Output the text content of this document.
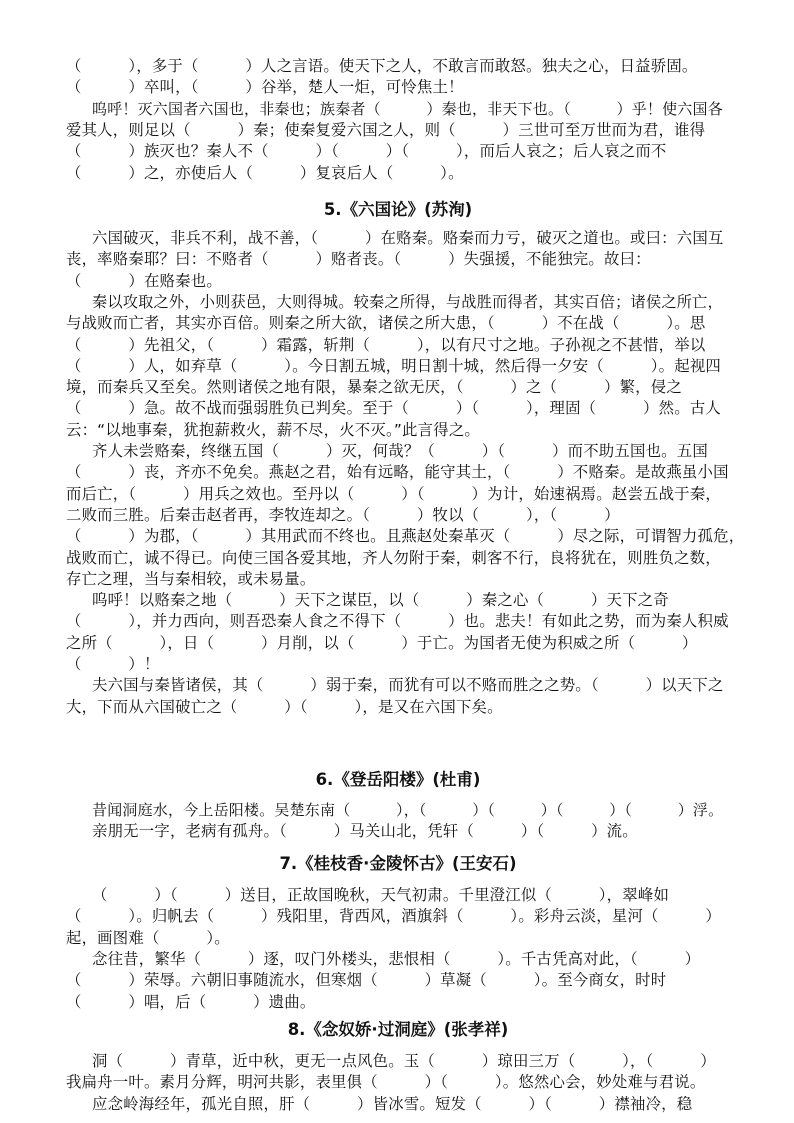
（　　　），多于（　　　）人之言语。使天下之人，不敢言而敢怒。独夫之心，日益骄固。
（　　　）卒叫，（　　　）谷举，楚人一炬，可怜焦土！
呜呼！灭六国者六国也，非秦也；族秦者（　　　）秦也，非天下也。（　　　）乎！使六国各
爱其人，则足以（　　　）秦；使秦复爱六国之人，则（　　　）三世可至万世而为君，谁得
（　　　）族灭也？秦人不（　　　）（　　　）（　　　），而后人哀之；后人哀之而不
（　　　）之，亦使后人（　　　）复哀后人（　　　）。
5.《六国论》(苏洵)
六国破灭，非兵不利，战不善，（　　　）在赂秦。赂秦而力亏，破灭之道也。或曰：六国互
丧，率赂秦耶？曰：不赂者（　　　）赂者丧。（　　　）失强援，不能独完。故曰：
（　　　）在赂秦也。
秦以攻取之外，小则获邑，大则得城。较秦之所得，与战胜而得者，其实百倍；诸侯之所亡，
与战败而亡者，其实亦百倍。则秦之所大欲，诸侯之所大患，（　　　）不在战（　　　）。思
（　　　）先祖父，（　　　）霜露，斩荆（　　　），以有尺寸之地。子孙视之不甚惜，举以
（　　　）人，如弃草（　　　）。今日割五城，明日割十城，然后得一夕安（　　　）。起视四
境，而秦兵又至矣。然则诸侯之地有限，暴秦之欲无厌，（　　　）之（　　　）繁，侵之
（　　　）急。故不战而强弱胜负已判矣。至于（　　　）（　　　），理固（　　　）然。古人
云：“以地事秦，犹抱薪救火，薪不尽，火不灭。”此言得之。
齐人未尝赂秦，终继五国（　　　）灭，何哉？（　　　）（　　　）而不助五国也。五国
（　　　）丧，齐亦不免矣。燕赵之君，始有远略，能守其土，（　　　）不赂秦。是故燕虽小国
而后亡，（　　　）用兵之效也。至丹以（　　　）（　　　）为计，始速祸焉。赵尝五战于秦，
二败而三胜。后秦击赵者再，李牧连却之。（　　　）牧以（　　　），（　　　）
（　　　）为郡，（　　　）其用武而不终也。且燕赵处秦革灭（　　　）尽之际，可谓智力孤危，
战败而亡，诚不得已。向使三国各爱其地，齐人勿附于秦，刺客不行，良将犹在，则胜负之数，
存亡之理，当与秦相较，或未易量。
呜呼！以赂秦之地（　　　）天下之谋臣，以（　　　）秦之心（　　　）天下之奇
（　　　），并力西向，则吾恐秦人食之不得下（　　　）也。悲夫！有如此之势，而为秦人积威
之所（　　　），日（　　　）月削，以（　　　）于亡。为国者无使为积威之所（　　　）
（　　　）！
夫六国与秦皆诸侯，其（　　　）弱于秦，而犹有可以不赂而胜之之势。（　　　）以天下之
大，下而从六国破亡之（　　　）（　　　），是又在六国下矣。
6.《登岳阳楼》(杜甫)
昔闻洞庭水，今上岳阳楼。吴楚东南（　　　），（　　　）（　　　）（　　　）（　　　）浮。
亲朋无一字，老病有孤舟。（　　　）马关山北，凭轩（　　　）（　　　）流。
7.《桂枝香·金陵怀古》(王安石)
（　　　）（　　　）送目，正故国晚秋，天气初肃。千里澄江似（　　　），翠峰如
（　　　）。归帆去（　　　）残阳里，背西风，酒旗斜（　　　）。彩舟云淡，星河（　　　）
起，画图难（　　　）。
念往昔，繁华（　　　）逐，叹门外楼头，悲恨相（　　　）。千古凭高对此，（　　　）
（　　　）荣辱。六朝旧事随流水，但寒烟（　　　）草凝（　　　）。至今商女，时时
（　　　）唱，后（　　　）遗曲。
8.《念奴娇·过洞庭》(张孝祥)
洞（　　　）青草，近中秋，更无一点风色。玉（　　　）琼田三万（　　　），（　　　）
我扁舟一叶。素月分辉，明河共影，表里俱（　　　）（　　　）。悠然心会，妙处难与君说。
应念岭海经年，孤光自照，肝（　　　）皆冰雪。短发（　　　）（　　　）襟袖冷，稳
